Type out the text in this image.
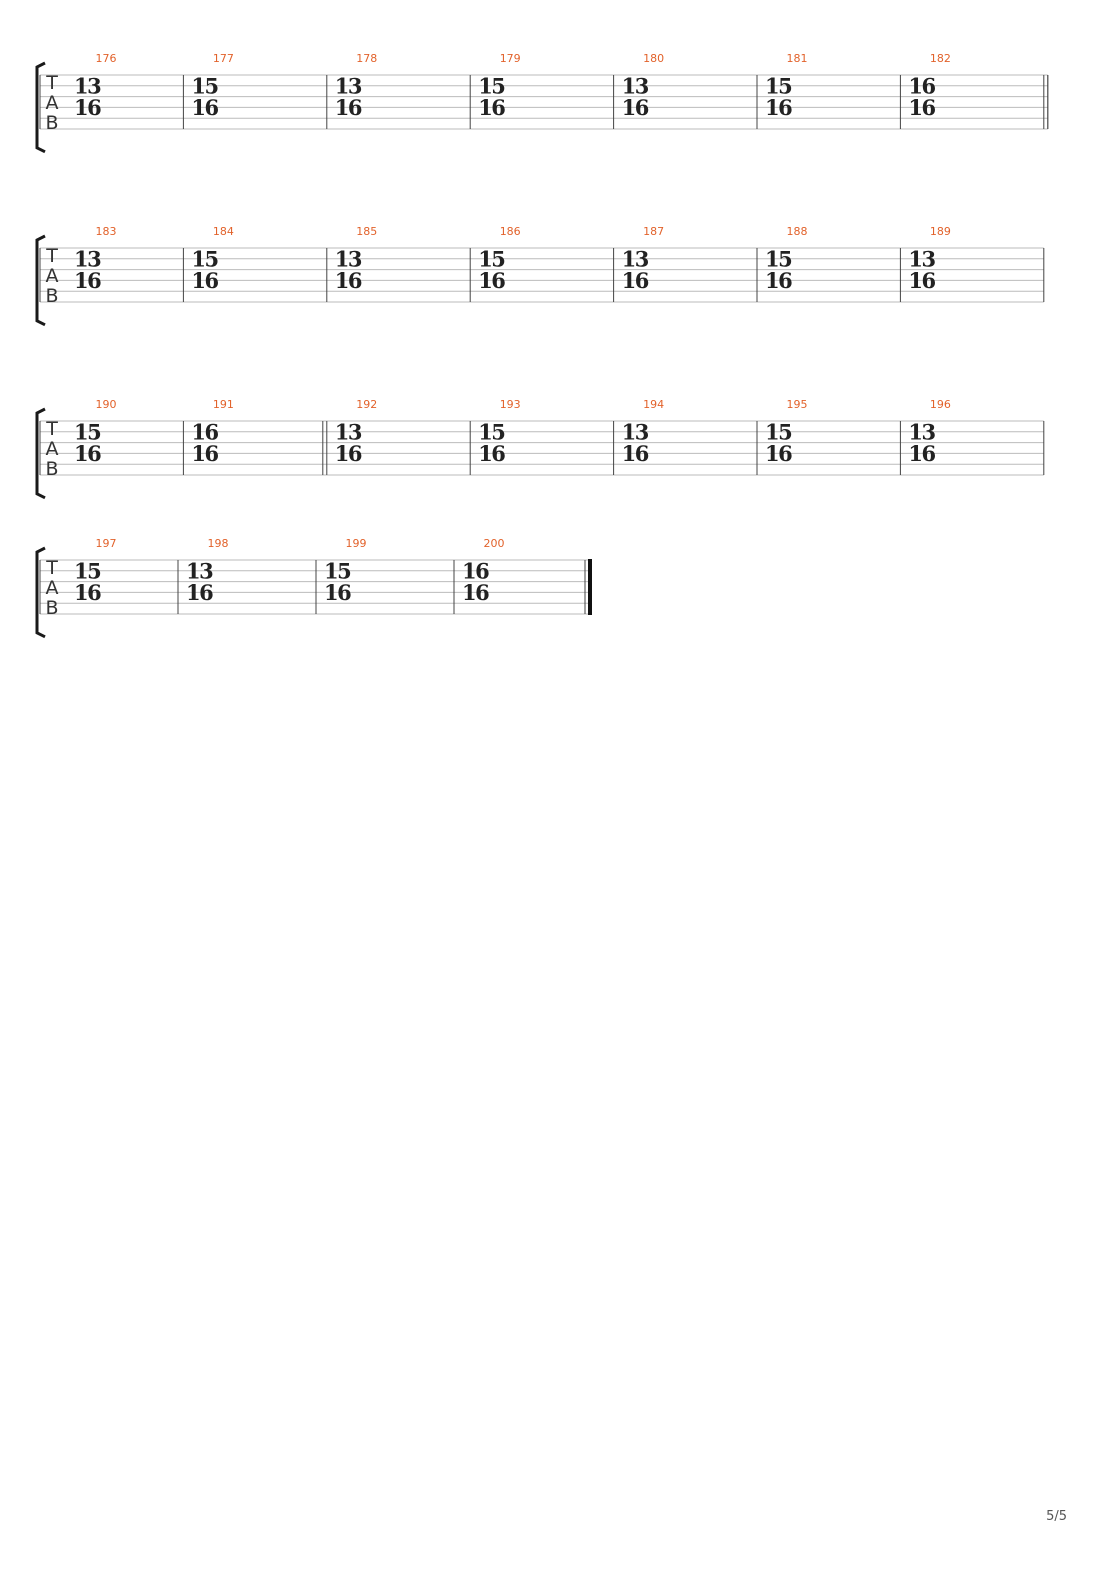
T
A
B
176
13
16
177
15
16
178
13
16
179
15
16
180
13
16
181
15
16
182
16
16
T
A
B
183
13
16
184
15
16
185
13
16
186
15
16
187
13
16
188
15
16
189
13
16
T
A
B
190
15
16
191
16
16
192
13
16
193
15
16
194
13
16
195
15
16
196
13
16
T
A
B
197
15
16
198
13
16
199
15
16
200
16
16
5/5
